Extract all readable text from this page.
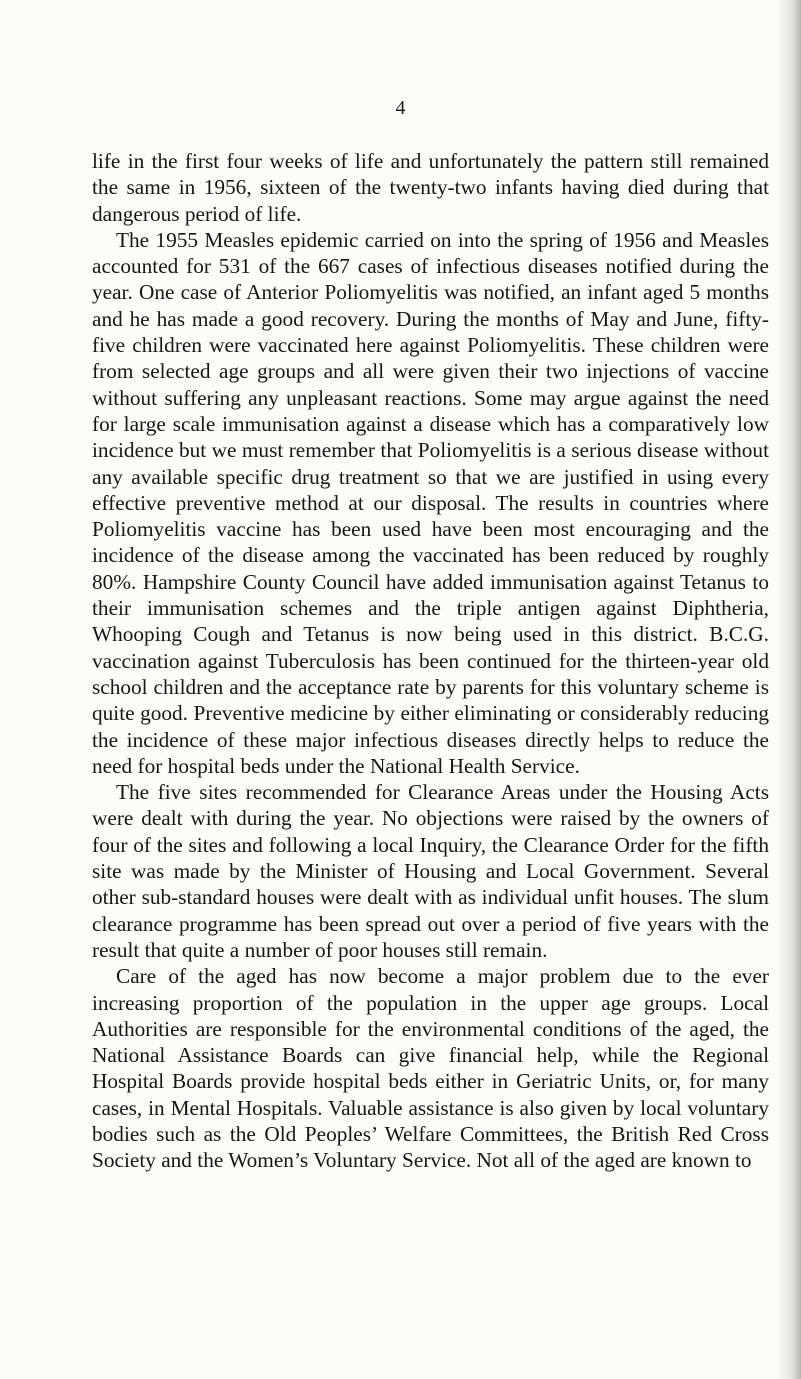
4

life in the first four weeks of life and unfortunately the pattern still remained the same in 1956, sixteen of the twenty-two infants having died during that dangerous period of life.

The 1955 Measles epidemic carried on into the spring of 1956 and Measles accounted for 531 of the 667 cases of infectious diseases notified during the year. One case of Anterior Poliomyelitis was notified, an infant aged 5 months and he has made a good recovery. During the months of May and June, fifty-five children were vaccinated here against Poliomyelitis. These children were from selected age groups and all were given their two injections of vaccine without suffering any unpleasant reactions. Some may argue against the need for large scale immunisation against a disease which has a comparatively low incidence but we must remember that Poliomyelitis is a serious disease without any available specific drug treatment so that we are justified in using every effective preventive method at our disposal. The results in countries where Poliomyelitis vaccine has been used have been most encouraging and the incidence of the disease among the vaccinated has been reduced by roughly 80%. Hampshire County Council have added immunisation against Tetanus to their immunisation schemes and the triple antigen against Diphtheria, Whooping Cough and Tetanus is now being used in this district. B.C.G. vaccination against Tuberculosis has been continued for the thirteen-year old school children and the acceptance rate by parents for this voluntary scheme is quite good. Preventive medicine by either eliminating or considerably reducing the incidence of these major infectious diseases directly helps to reduce the need for hospital beds under the National Health Service.

The five sites recommended for Clearance Areas under the Housing Acts were dealt with during the year. No objections were raised by the owners of four of the sites and following a local Inquiry, the Clearance Order for the fifth site was made by the Minister of Housing and Local Government. Several other sub-standard houses were dealt with as individual unfit houses. The slum clearance programme has been spread out over a period of five years with the result that quite a number of poor houses still remain.

Care of the aged has now become a major problem due to the ever increasing proportion of the population in the upper age groups. Local Authorities are responsible for the environmental conditions of the aged, the National Assistance Boards can give financial help, while the Regional Hospital Boards provide hospital beds either in Geriatric Units, or, for many cases, in Mental Hospitals. Valuable assistance is also given by local voluntary bodies such as the Old Peoples’ Welfare Committees, the British Red Cross Society and the Women’s Voluntary Service. Not all of the aged are known to
